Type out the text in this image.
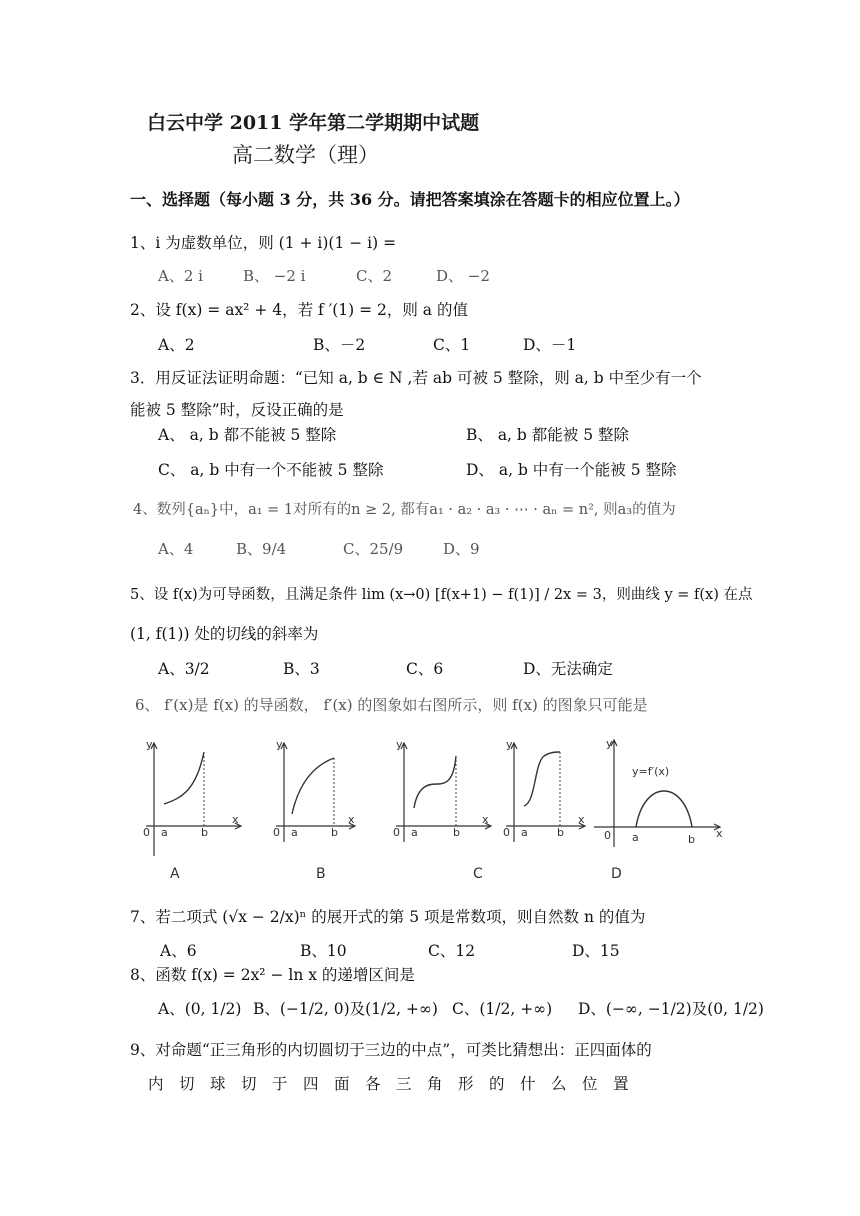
白云中学 2011 学年第二学期期中试题
高二数学（理）
一、选择题（每小题 3 分，共 36 分。请把答案填涂在答题卡的相应位置上。）
1、i 为虚数单位，则 (1 + i)(1 − i) =
A、2 i	B、 −2 i	C、2	D、 −2
2、设 f(x) = ax² + 4，若 f ′(1) = 2，则 a 的值
A、2	B、－2	C、1	D、－1
3．用反证法证明命题：“已知 a, b ∈ N ,若 ab 可被 5 整除，则 a, b 中至少有一个
能被 5 整除”时，反设正确的是
A、 a, b 都不能被 5 整除	B、 a, b 都能被 5 整除
C、 a, b 中有一个不能被 5 整除	D、 a, b 中有一个能被 5 整除
4、数列{aₙ}中，a₁ = 1对所有的n ≥ 2, 都有a₁ · a₂ · a₃ · ⋯ · aₙ = n², 则a₃的值为
A、4	B、9/4	C、25/9	D、9
5、设 f(x)为可导函数，且满足条件 lim (x→0) [f(x+1) − f(1)] / 2x = 3，则曲线 y = f(x) 在点
(1, f(1)) 处的切线的斜率为
A、3/2	B、3	C、6	D、无法确定
6、 f′(x)是 f(x) 的导函数， f′(x) 的图象如右图所示，则 f(x) 的图象只可能是
y
0 a	b
x
A
y
0 a	b
x
B
y
0 a	b
x
C
y
0 a	b
x
y
0 a	b x
y=f′(x)
D
7、若二项式 (√x − 2/x)ⁿ 的展开式的第 5 项是常数项，则自然数 n 的值为
A、6	B、10	C、12	D、15
8、函数 f(x) = 2x² − ln x 的递增区间是
A、(0, 1/2) B、(−1/2, 0)及(1/2, +∞) C、(1/2, +∞) D、(−∞, −1/2)及(0, 1/2)
9、对命题“正三角形的内切圆切于三边的中点”，可类比猜想出：正四面体的
内　切　球　切　于　四　面　各　三　角　形　的　什　么　位　置
